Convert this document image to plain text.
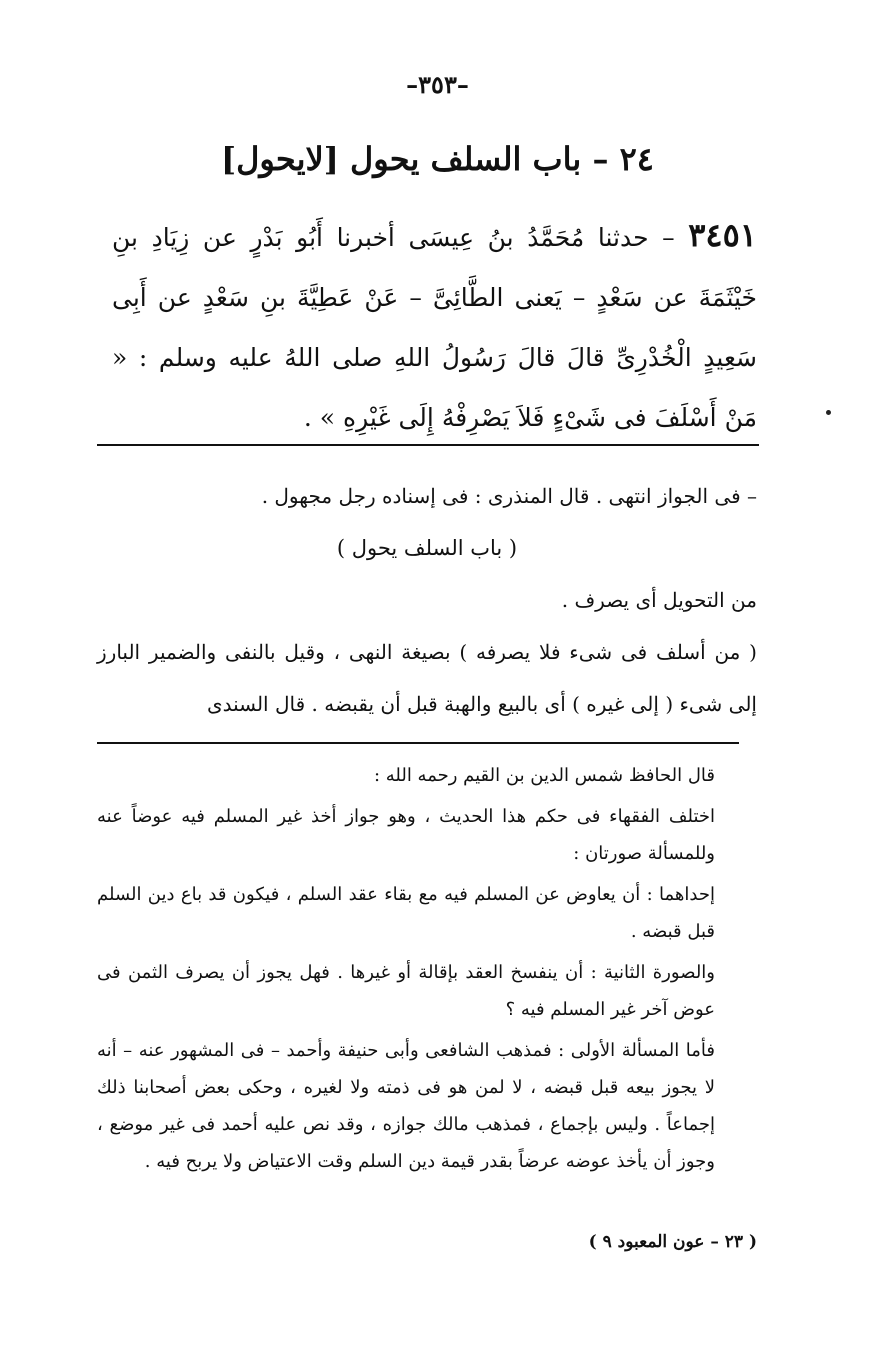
–٣٥٣–
٢٤ – باب السلف يحول [لايحول]
٣٤٥١ – حدثنا مُحَمَّدُ بنُ عِيسَى أخبرنا أَبُو بَدْرٍ عن زِيَادِ بنِ خَيْثَمَةَ عن سَعْدٍ – يَعنى الطَّائِىَّ – عَنْ عَطِيَّةَ بنِ سَعْدٍ عن أَبِى سَعِيدٍ الْخُدْرِىِّ قالَ قالَ رَسُولُ اللهِ صلى اللهُ عليه وسلم : « مَنْ أَسْلَفَ فى شَىْءٍ فَلاَ يَصْرِفْهُ إِلَى غَيْرِهِ » .

– فى الجواز انتهى . قال المنذرى : فى إسناده رجل مجهول .

( باب السلف يحول )

من التحويل أى يصرف .

( من أسلف فى شىء فلا يصرفه ) بصيغة النهى ، وقيل بالنفى والضمير البارز إلى شىء ( إلى غيره ) أى بالبيع والهبة قبل أن يقبضه . قال السندى

قال الحافظ شمس الدين بن القيم رحمه الله :

اختلف الفقهاء فى حكم هذا الحديث ، وهو جواز أخذ غير المسلم فيه عوضاً عنه وللمسألة صورتان :

إحداهما : أن يعاوض عن المسلم فيه مع بقاء عقد السلم ، فيكون قد باع دين السلم قبل قبضه .

والصورة الثانية : أن ينفسخ العقد بإقالة أو غيرها . فهل يجوز أن يصرف الثمن فى عوض آخر غير المسلم فيه ؟

فأما المسألة الأولى : فمذهب الشافعى وأبى حنيفة وأحمد – فى المشهور عنه – أنه لا يجوز بيعه قبل قبضه ، لا لمن هو فى ذمته ولا لغيره ، وحكى بعض أصحابنا ذلك إجماعاً . وليس بإجماع ، فمذهب مالك جوازه ، وقد نص عليه أحمد فى غير موضع ، وجوز أن يأخذ عوضه عرضاً بقدر قيمة دين السلم وقت الاعتياض ولا يربح فيه .

( ٢٣ – عون المعبود ٩ )
